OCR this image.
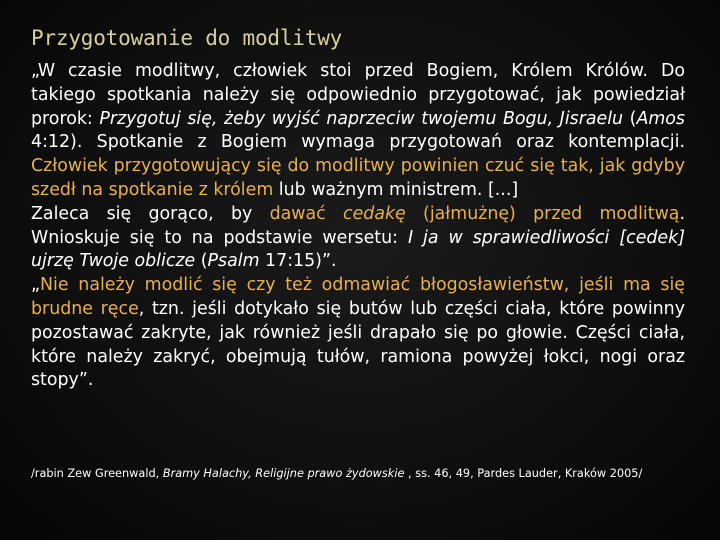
Przygotowanie do modlitwy

„W czasie modlitwy, człowiek stoi przed Bogiem, Królem Królów. Do takiego spotkania należy się odpowiednio przygotować, jak powiedział prorok: Przygotuj się, żeby wyjść naprzeciw twojemu Bogu, Jisraelu (Amos 4:12). Spotkanie z Bogiem wymaga przygotowań oraz kontemplacji. Człowiek przygotowujący się do modlitwy powinien czuć się tak, jak gdyby szedł na spotkanie z królem lub ważnym ministrem. [...]

Zaleca się gorąco, by dawać cedakę (jałmużnę) przed modlitwą. Wnioskuje się to na podstawie wersetu: I ja w sprawiedliwości [cedek] ujrzę Twoje oblicze (Psalm 17:15)”.

„Nie należy modlić się czy też odmawiać błogosławieństw, jeśli ma się brudne ręce, tzn. jeśli dotykało się butów lub części ciała, które powinny pozostawać zakryte, jak również jeśli drapało się po głowie. Części ciała, które należy zakryć, obejmują tułów, ramiona powyżej łokci, nogi oraz stopy”.

/rabin Zew Greenwald, Bramy Halachy, Religijne prawo żydowskie , ss. 46, 49, Pardes Lauder, Kraków 2005/
